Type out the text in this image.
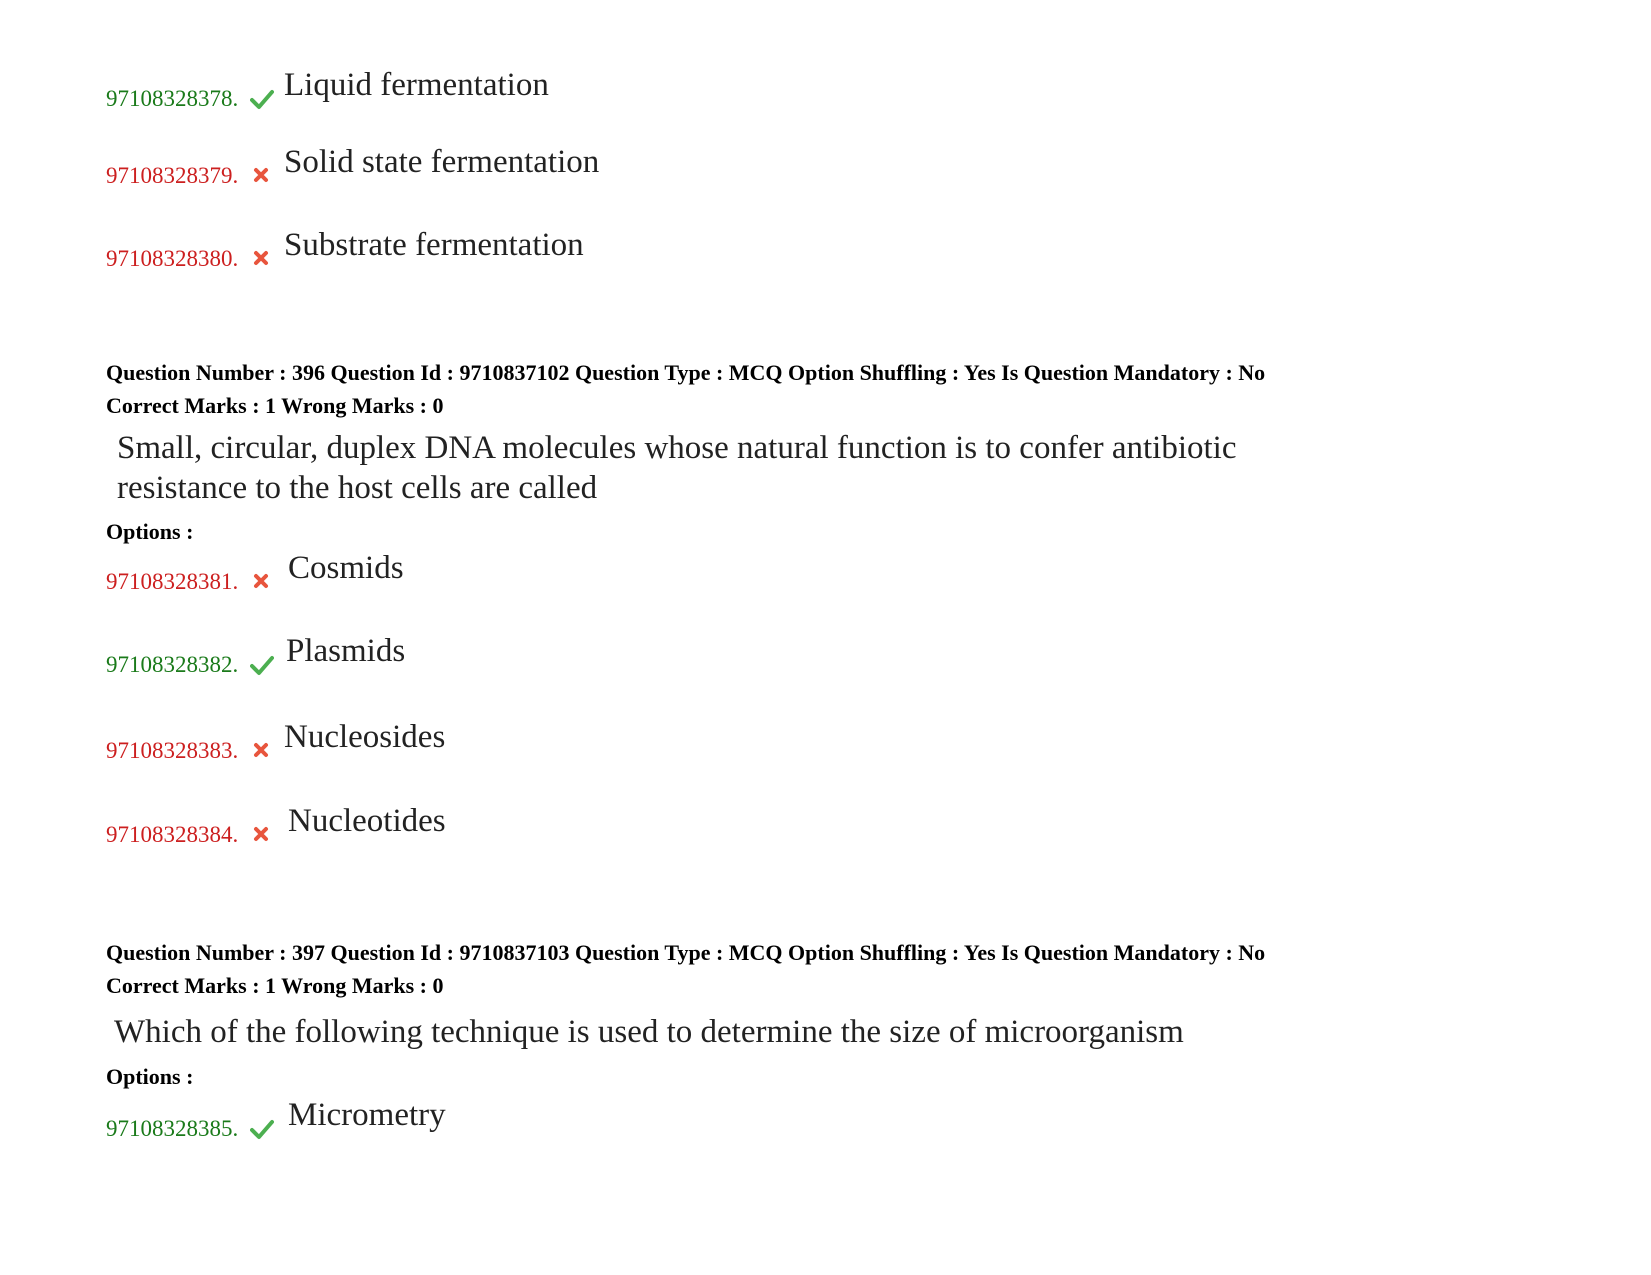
97108328378. Liquid fermentation
97108328379. Solid state fermentation
97108328380. Substrate fermentation
Question Number : 396 Question Id : 9710837102 Question Type : MCQ Option Shuffling : Yes Is Question Mandatory : No
Correct Marks : 1 Wrong Marks : 0
Small, circular, duplex DNA molecules whose natural function is to confer antibiotic
resistance to the host cells are called
Options :
97108328381. Cosmids
97108328382. Plasmids
97108328383. Nucleosides
97108328384. Nucleotides
Question Number : 397 Question Id : 9710837103 Question Type : MCQ Option Shuffling : Yes Is Question Mandatory : No
Correct Marks : 1 Wrong Marks : 0
Which of the following technique is used to determine the size of microorganism
Options :
97108328385. Micrometry
